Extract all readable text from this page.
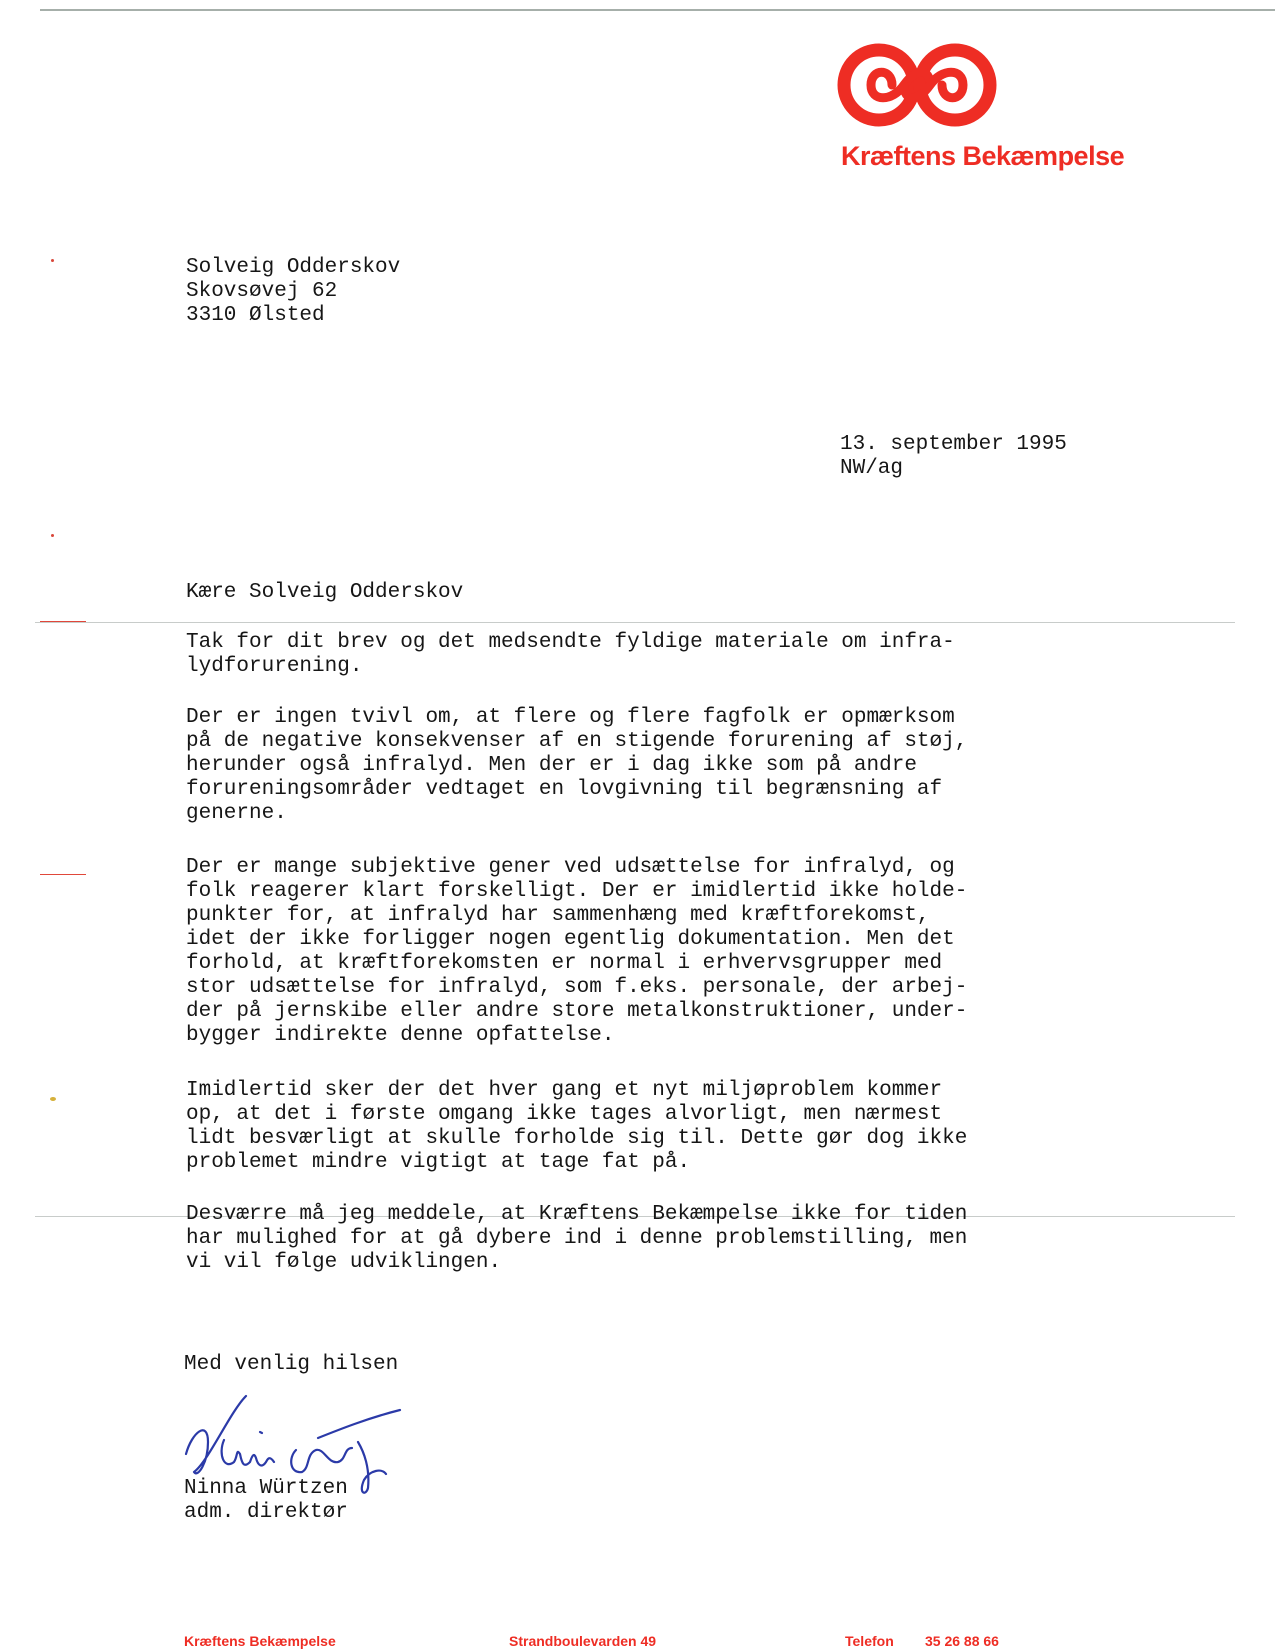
Kræftens Bekæmpelse
Solveig Odderskov
Skovsøvej 62
3310 Ølsted
13. september 1995
NW/ag
Kære Solveig Odderskov
Tak for dit brev og det medsendte fyldige materiale om infra-
lydforurening.
Der er ingen tvivl om, at flere og flere fagfolk er opmærksom
på de negative konsekvenser af en stigende forurening af støj,
herunder også infralyd. Men der er i dag ikke som på andre
forureningsområder vedtaget en lovgivning til begrænsning af
generne.
Der er mange subjektive gener ved udsættelse for infralyd, og
folk reagerer klart forskelligt. Der er imidlertid ikke holde-
punkter for, at infralyd har sammenhæng med kræftforekomst,
idet der ikke forligger nogen egentlig dokumentation. Men det
forhold, at kræftforekomsten er normal i erhvervsgrupper med
stor udsættelse for infralyd, som f.eks. personale, der arbej-
der på jernskibe eller andre store metalkonstruktioner, under-
bygger indirekte denne opfattelse.
Imidlertid sker der det hver gang et nyt miljøproblem kommer
op, at det i første omgang ikke tages alvorligt, men nærmest
lidt besværligt at skulle forholde sig til. Dette gør dog ikke
problemet mindre vigtigt at tage fat på.
Desværre må jeg meddele, at Kræftens Bekæmpelse ikke for tiden
har mulighed for at gå dybere ind i denne problemstilling, men
vi vil følge udviklingen.
Med venlig hilsen
Ninna Würtzen
adm. direktør
Kræftens Bekæmpelse	Strandboulevarden 49	Telefon 35 26 88 66
